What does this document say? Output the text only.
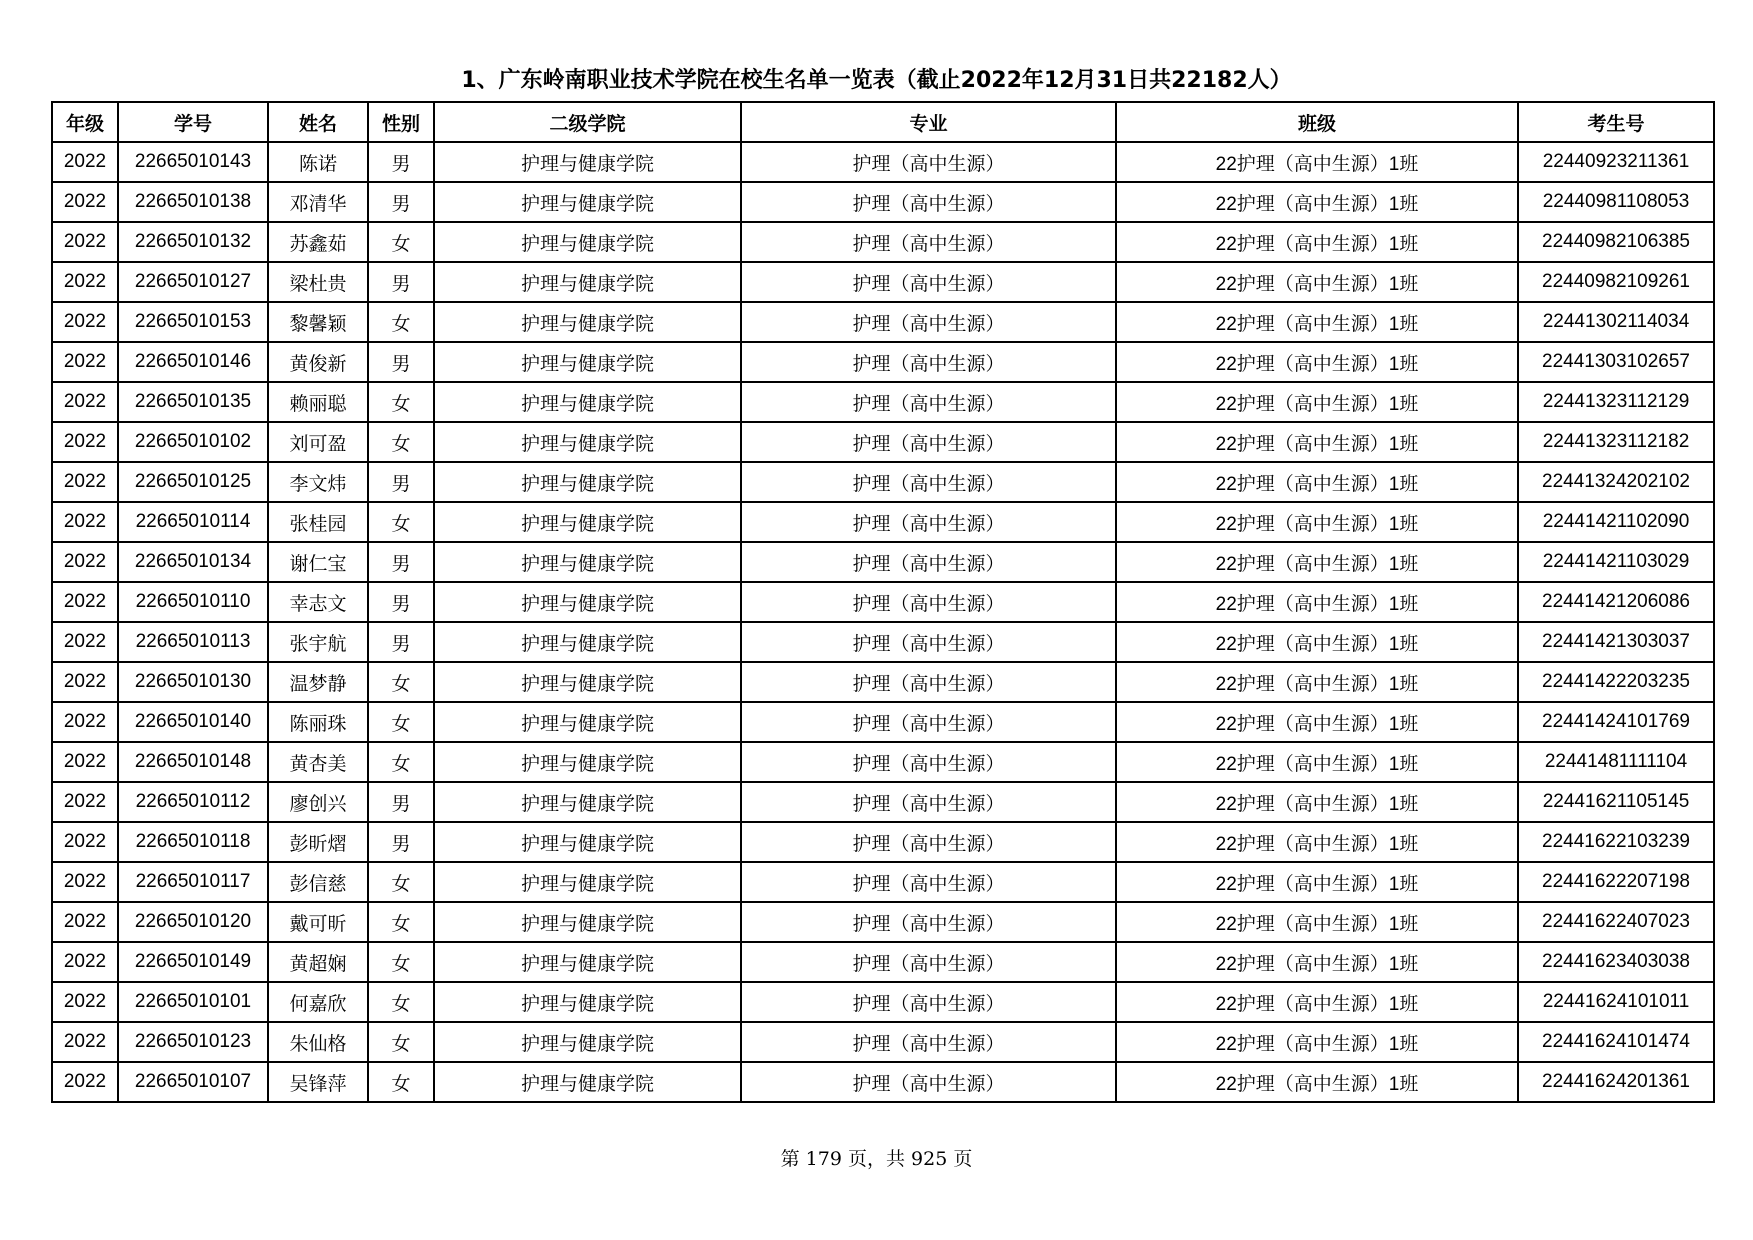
1、广东岭南职业技术学院在校生名单一览表（截止2022年12月31日共22182人）
年级	学号	姓名	性别	二级学院	专业	班级	考生号
2022	22665010143	陈诺	男	护理与健康学院	护理（高中生源）	22护理（高中生源）1班	22440923211361
2022	22665010138	邓清华	男	护理与健康学院	护理（高中生源）	22护理（高中生源）1班	22440981108053
2022	22665010132	苏鑫茹	女	护理与健康学院	护理（高中生源）	22护理（高中生源）1班	22440982106385
2022	22665010127	梁杜贵	男	护理与健康学院	护理（高中生源）	22护理（高中生源）1班	22440982109261
2022	22665010153	黎馨颖	女	护理与健康学院	护理（高中生源）	22护理（高中生源）1班	22441302114034
2022	22665010146	黄俊新	男	护理与健康学院	护理（高中生源）	22护理（高中生源）1班	22441303102657
2022	22665010135	赖丽聪	女	护理与健康学院	护理（高中生源）	22护理（高中生源）1班	22441323112129
2022	22665010102	刘可盈	女	护理与健康学院	护理（高中生源）	22护理（高中生源）1班	22441323112182
2022	22665010125	李文炜	男	护理与健康学院	护理（高中生源）	22护理（高中生源）1班	22441324202102
2022	22665010114	张桂园	女	护理与健康学院	护理（高中生源）	22护理（高中生源）1班	22441421102090
2022	22665010134	谢仁宝	男	护理与健康学院	护理（高中生源）	22护理（高中生源）1班	22441421103029
2022	22665010110	幸志文	男	护理与健康学院	护理（高中生源）	22护理（高中生源）1班	22441421206086
2022	22665010113	张宇航	男	护理与健康学院	护理（高中生源）	22护理（高中生源）1班	22441421303037
2022	22665010130	温梦静	女	护理与健康学院	护理（高中生源）	22护理（高中生源）1班	22441422203235
2022	22665010140	陈丽珠	女	护理与健康学院	护理（高中生源）	22护理（高中生源）1班	22441424101769
2022	22665010148	黄杏美	女	护理与健康学院	护理（高中生源）	22护理（高中生源）1班	22441481111104
2022	22665010112	廖创兴	男	护理与健康学院	护理（高中生源）	22护理（高中生源）1班	22441621105145
2022	22665010118	彭昕熠	男	护理与健康学院	护理（高中生源）	22护理（高中生源）1班	22441622103239
2022	22665010117	彭信慈	女	护理与健康学院	护理（高中生源）	22护理（高中生源）1班	22441622207198
2022	22665010120	戴可昕	女	护理与健康学院	护理（高中生源）	22护理（高中生源）1班	22441622407023
2022	22665010149	黄超娴	女	护理与健康学院	护理（高中生源）	22护理（高中生源）1班	22441623403038
2022	22665010101	何嘉欣	女	护理与健康学院	护理（高中生源）	22护理（高中生源）1班	22441624101011
2022	22665010123	朱仙格	女	护理与健康学院	护理（高中生源）	22护理（高中生源）1班	22441624101474
2022	22665010107	吴锋萍	女	护理与健康学院	护理（高中生源）	22护理（高中生源）1班	22441624201361
第 179 页，共 925 页
